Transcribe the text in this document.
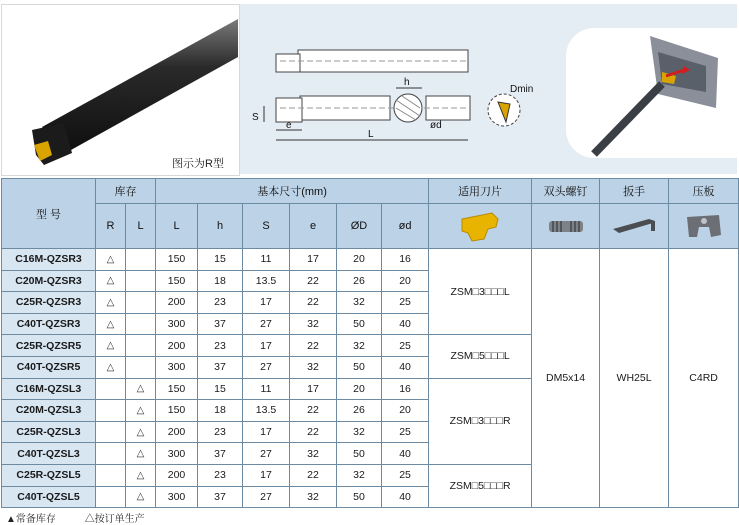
图示为R型
h
ød
S
e
L
Dmin
型 号	库存		基本尺寸(mm)						适用刀片	双头螺钉	扳手	压板
	R	L	L	h	S	e	ØD	ød	

C16M-QZSR3	△		150	15	11	17	20	16	ZSM□3□□□L	DM5x14	WH25L	C4RD
C20M-QZSR3	△		150	18	13.5	22	26	20				
C25R-QZSR3	△		200	23	17	22	32	25				
C40T-QZSR3	△		300	37	27	32	50	40				
C25R-QZSR5	△		200	23	17	22	32	25	ZSM□5□□□L			
C40T-QZSR5	△		300	37	27	32	50	40				
C16M-QZSL3		△	150	15	11	17	20	16	ZSM□3□□□R			
C20M-QZSL3		△	150	18	13.5	22	26	20				
C25R-QZSL3		△	200	23	17	22	32	25				
C40T-QZSL3		△	300	37	27	32	50	40				
C25R-QZSL5		△	200	23	17	22	32	25	ZSM□5□□□R			
C40T-QZSL5		△	300	37	27	32	50	40				
▲常备库存	△按订单生产
